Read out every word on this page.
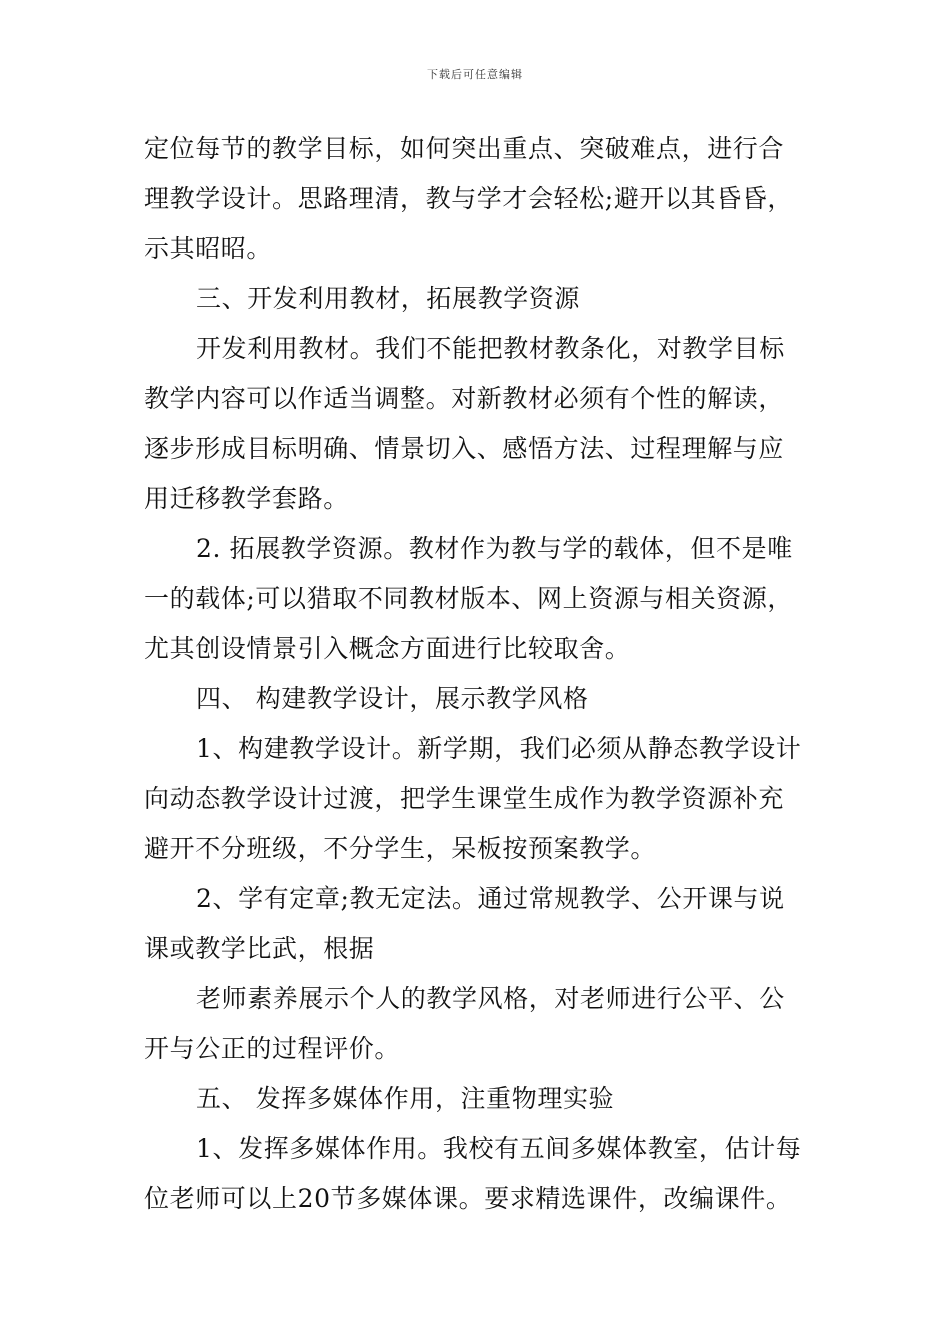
下载后可任意编辑
定位每节的教学目标，如何突出重点、突破难点，进行合
理教学设计。思路理清，教与学才会轻松;避开以其昏昏，
示其昭昭。
三、开发利用教材，拓展教学资源
开发利用教材。我们不能把教材教条化，对教学目标
教学内容可以作适当调整。对新教材必须有个性的解读，
逐步形成目标明确、情景切入、感悟方法、过程理解与应
用迁移教学套路。
2. 拓展教学资源。教材作为教与学的载体，但不是唯
一的载体;可以猎取不同教材版本、网上资源与相关资源，
尤其创设情景引入概念方面进行比较取舍。
四、 构建教学设计，展示教学风格
1、构建教学设计。新学期，我们必须从静态教学设计
向动态教学设计过渡，把学生课堂生成作为教学资源补充
避开不分班级，不分学生，呆板按预案教学。
2、学有定章;教无定法。通过常规教学、公开课与说
课或教学比武，根据
老师素养展示个人的教学风格，对老师进行公平、公
开与公正的过程评价。
五、 发挥多媒体作用，注重物理实验
1、发挥多媒体作用。我校有五间多媒体教室，估计每
位老师可以上20节多媒体课。要求精选课件，改编课件。
